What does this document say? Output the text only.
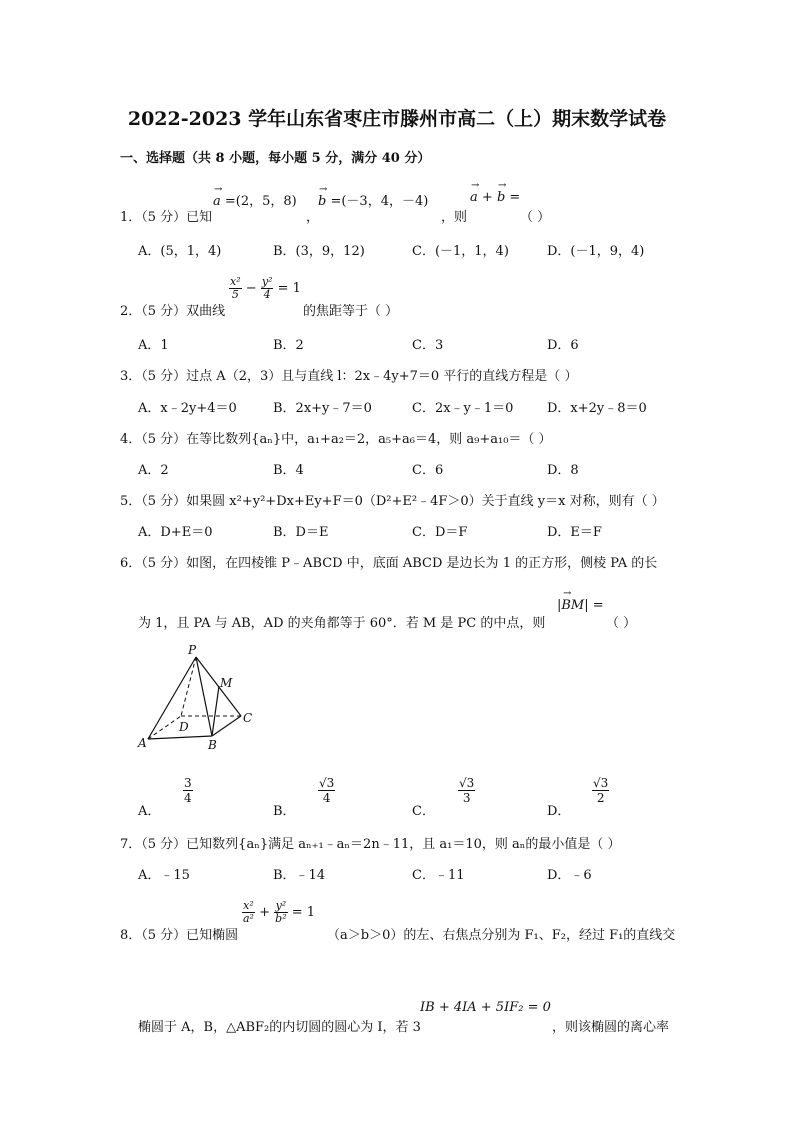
2022-2023 学年山东省枣庄市滕州市高二（上）期末数学试卷
一、选择题（共 8 小题，每小题 5 分，满分 40 分）
1．（5 分）已知
→
a =(2，5，8)
，
→
b =(－3，4，－4)
，则
→
a +
→
b =
（ ）
A．(5，1，4)	B．(3，9，12)	C．(－1，1，4)	D．(－1，9，4)
2．（5 分）双曲线
$\frac{\text{x²}}{5} - \frac{\text{y²}}{4} = 1$
的焦距等于（ ）
A．1	B．2	C．3	D．6
3．（5 分）过点 A（2，3）且与直线 l：2x﹣4y+7＝0 平行的直线方程是（ ）
A．x﹣2y+4＝0	B．2x+y﹣7＝0	C．2x﹣y﹣1＝0	D．x+2y﹣8＝0
4．（5 分）在等比数列{aₙ}中，a₁+a₂＝2，a₅+a₆＝4，则 a₉+a₁₀＝（ ）
A．2	B．4	C．6	D．8
5．（5 分）如果圆 x²+y²+Dx+Ey+F＝0（D²+E²﹣4F＞0）关于直线 y＝x 对称，则有（ ）
A．D+E＝0	B．D＝E	C．D＝F	D．E＝F
6．（5 分）如图，在四棱锥 P﹣ABCD 中，底面 ABCD 是边长为 1 的正方形，侧棱 PA 的长
为 1，且 PA 与 AB，AD 的夹角都等于 60°．若 M 是 PC 的中点，则
→
|BM| =
（ ）
P
M
D
C
A	B
A．
$\frac{3}{4}$
B．
$\frac{√3}{4}$
C．
$\frac{√3}{3}$
D．
$\frac{√3}{2}$
7．（5 分）已知数列{aₙ}满足 aₙ₊₁﹣aₙ＝2n﹣11，且 a₁＝10，则 aₙ的最小值是（ ）
A．﹣15	B．﹣14	C．﹣11	D．﹣6
8．（5 分）已知椭圆
$\frac{\text{x²}}{\text{a²}} + \frac{\text{y²}}{\text{b²}} = 1$
（a＞b＞0）的左、右焦点分别为 F₁、F₂，经过 F₁的直线交
椭圆于 A，B，△ABF₂的内切圆的圆心为 I，若 3
IB + 4IA + 5IF₂ = 0
，则该椭圆的离心率
